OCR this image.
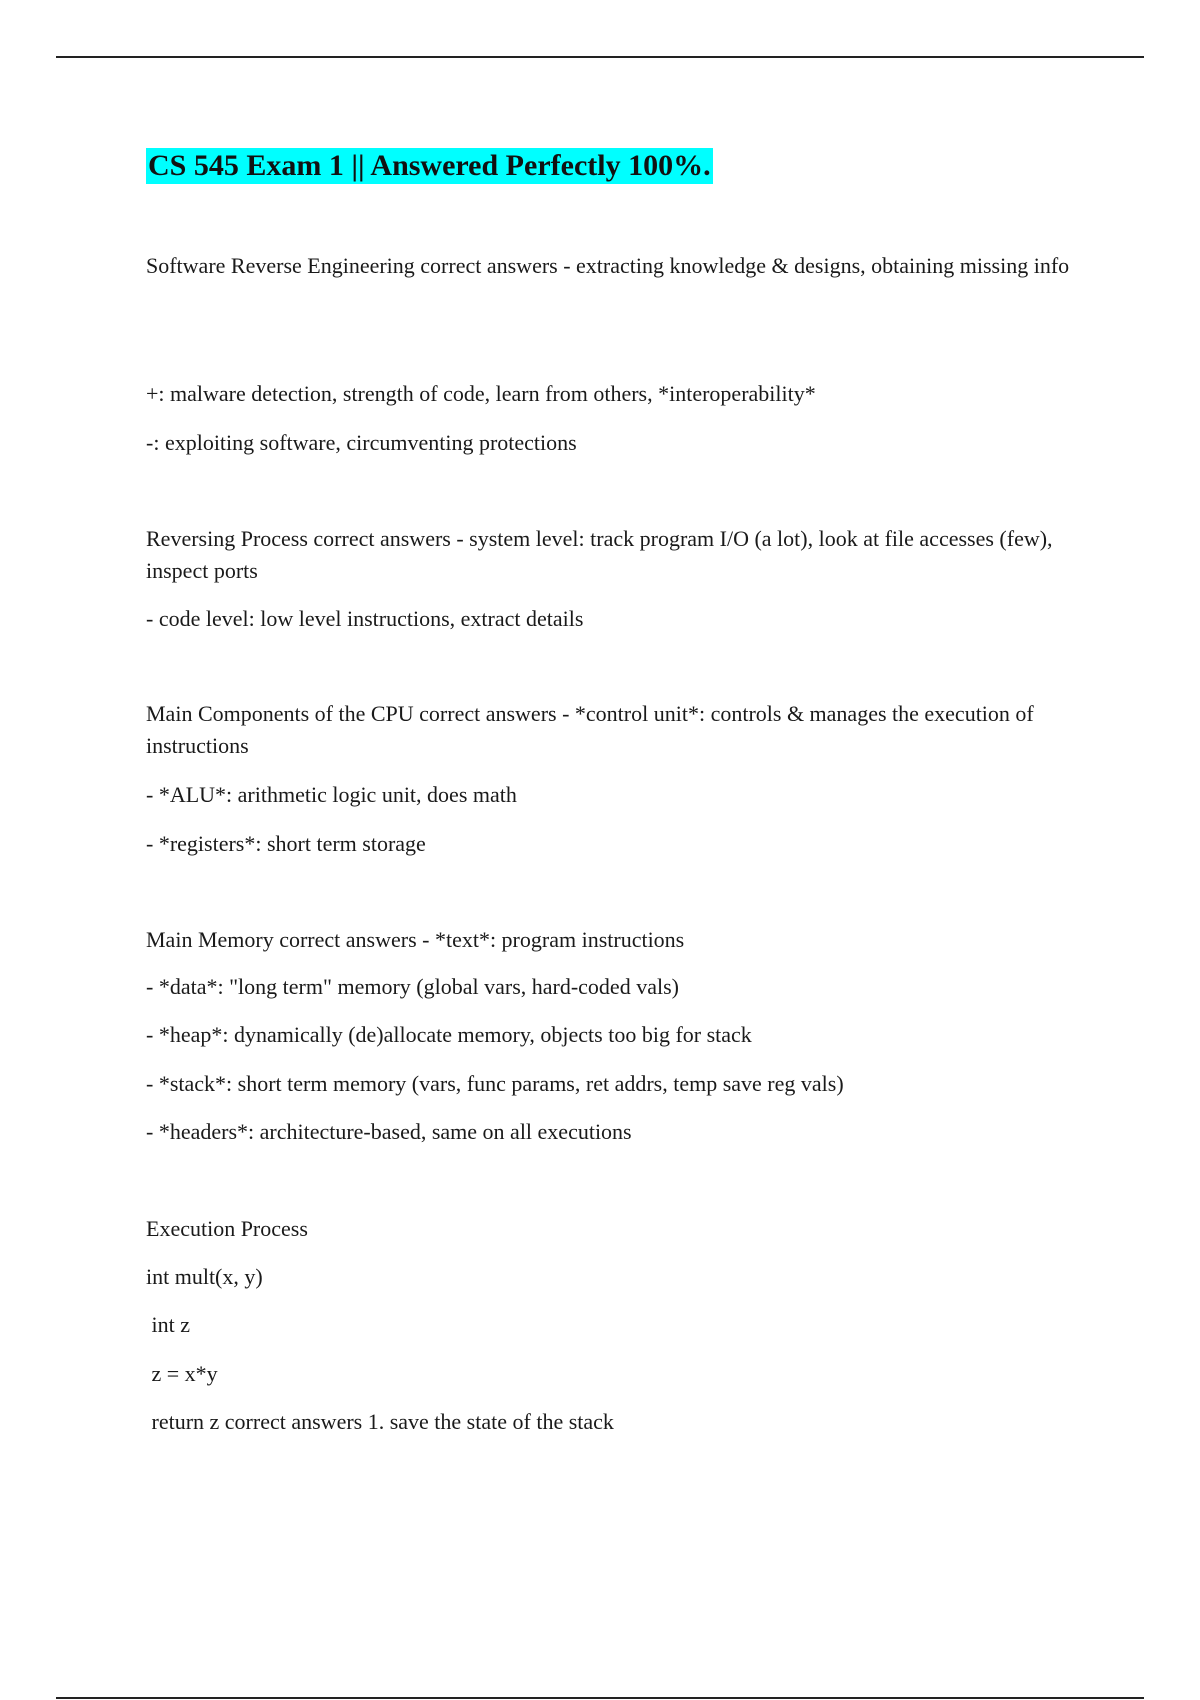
CS 545 Exam 1 || Answered Perfectly 100%.

Software Reverse Engineering correct answers - extracting knowledge & designs, obtaining missing info

+: malware detection, strength of code, learn from others, *interoperability*

-: exploiting software, circumventing protections

Reversing Process correct answers - system level: track program I/O (a lot), look at file accesses (few), inspect ports

- code level: low level instructions, extract details

Main Components of the CPU correct answers - *control unit*: controls & manages the execution of instructions

- *ALU*: arithmetic logic unit, does math

- *registers*: short term storage

Main Memory correct answers - *text*: program instructions

- *data*: "long term" memory (global vars, hard-coded vals)

- *heap*: dynamically (de)allocate memory, objects too big for stack

- *stack*: short term memory (vars, func params, ret addrs, temp save reg vals)

- *headers*: architecture-based, same on all executions

Execution Process

int mult(x, y)

int z

z = x*y

return z correct answers 1. save the state of the stack
